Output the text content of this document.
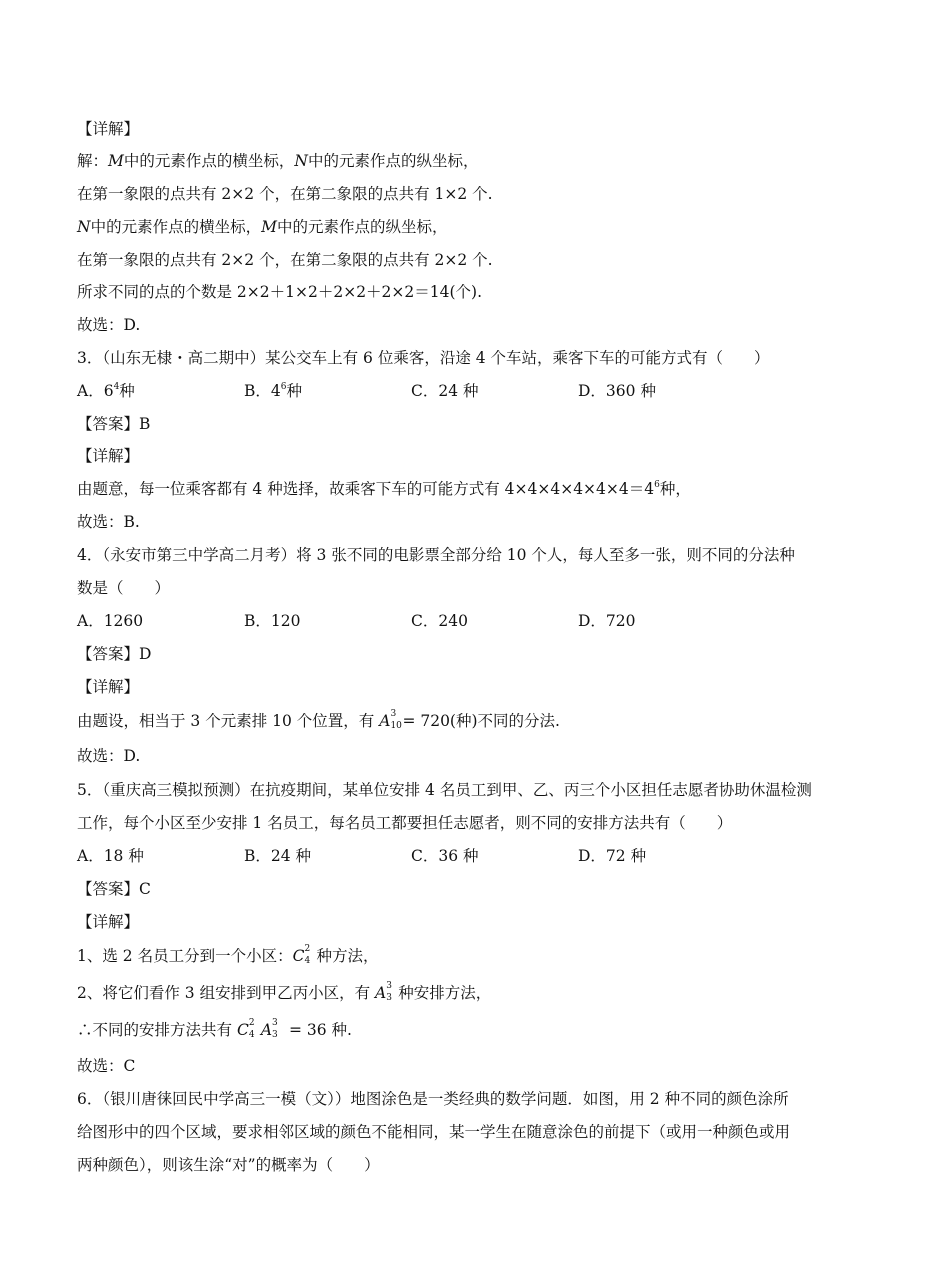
【详解】
解：M中的元素作点的横坐标，N中的元素作点的纵坐标，
在第一象限的点共有 2×2 个，在第二象限的点共有 1×2 个.
N中的元素作点的横坐标，M中的元素作点的纵坐标，
在第一象限的点共有 2×2 个，在第二象限的点共有 2×2 个.
所求不同的点的个数是 2×2＋1×2＋2×2＋2×2＝14(个).
故选：D.
3．（山东无棣・高二期中）某公交车上有 6 位乘客，沿途 4 个车站，乘客下车的可能方式有（　　）
A．$6^4$种	B．$4^6$种	C．24 种	D．360 种
【答案】B
【详解】
由题意，每一位乘客都有 4 种选择，故乘客下车的可能方式有 $4\times 4\times 4\times 4\times 4\times 4=4^6$种，
故选：B.
4．（永安市第三中学高二月考）将 3 张不同的电影票全部分给 10 个人，每人至多一张，则不同的分法种
数是（　　）
A．1260	B．120	C．240	D．720
【答案】D
【详解】
由题设，相当于 3 个元素排 10 个位置，有 A 3
10 = 720(种)不同的分法.
故选：D.
5．（重庆高三模拟预测）在抗疫期间，某单位安排 4 名员工到甲、乙、丙三个小区担任志愿者协助休温检测
工作，每个小区至少安排 1 名员工，每名员工都要担任志愿者，则不同的安排方法共有（　　）
A．18 种	B．24 种	C．36 种	D．72 种
【答案】C
【详解】
1、选 2 名员工分到一个小区：C 2
4 种方法，
2、将它们看作 3 组安排到甲乙丙小区，有 A 3
3 种安排方法，
∴不同的安排方法共有 C 2
4 A 3
3 = 36 种.
故选：C
6．（银川唐徕回民中学高三一模（文））地图涂色是一类经典的数学问题．如图，用 2 种不同的颜色涂所
给图形中的四个区域，要求相邻区域的颜色不能相同，某一学生在随意涂色的前提下（或用一种颜色或用
两种颜色），则该生涂“对”的概率为（　　）
